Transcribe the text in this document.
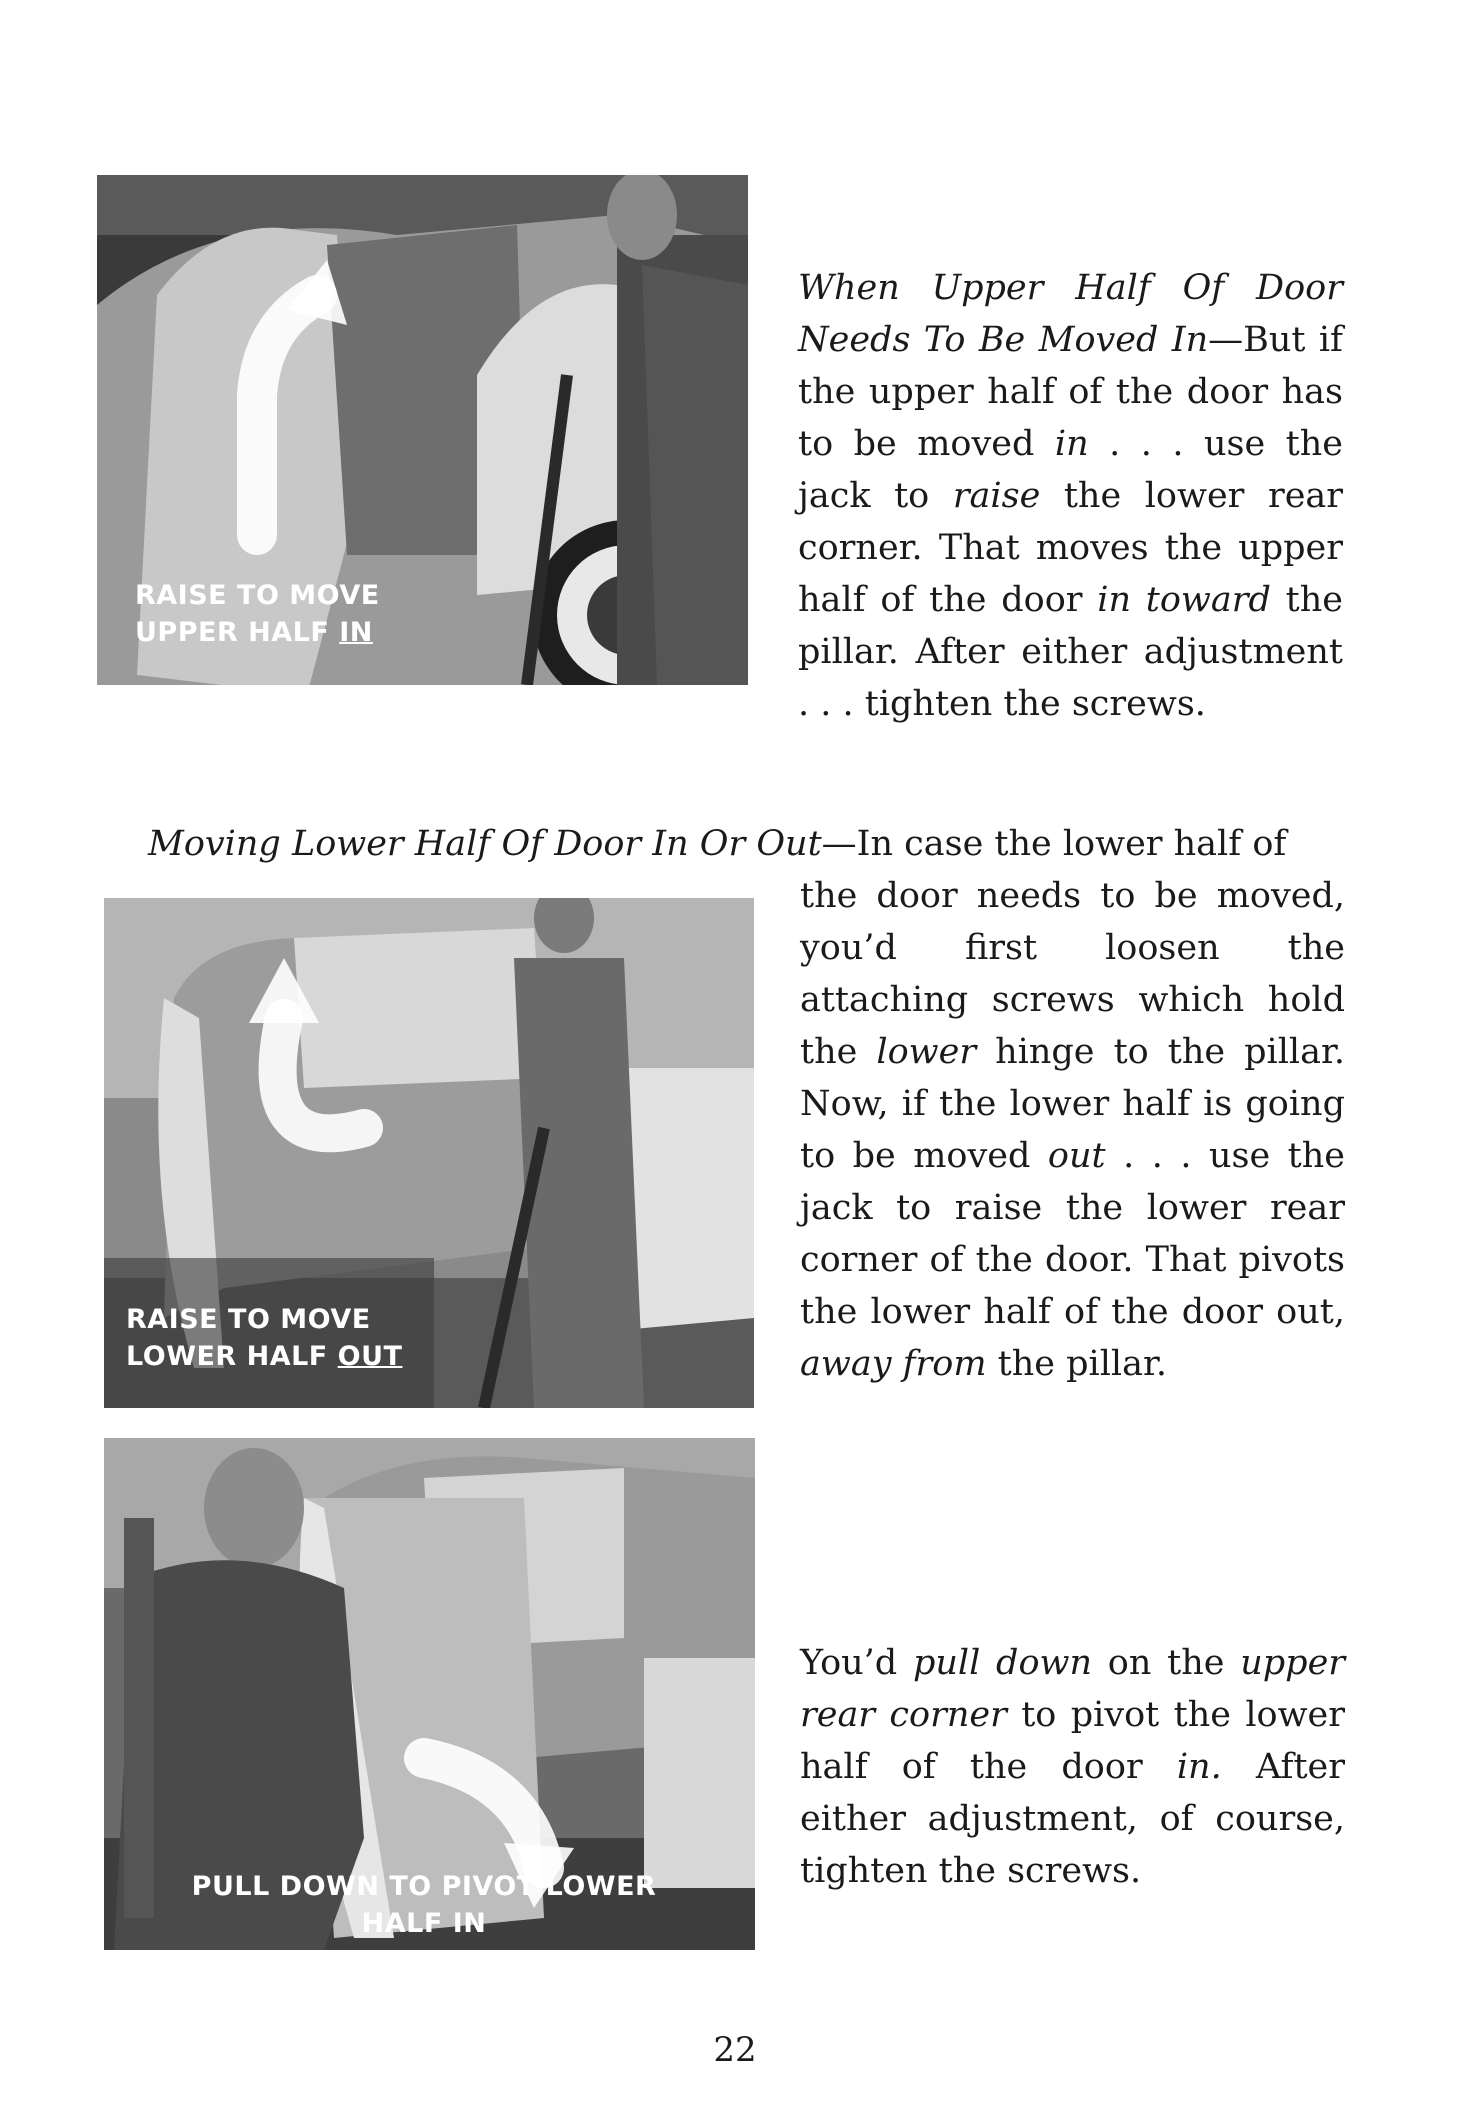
RAISE TO MOVE
UPPER HALF IN

When Upper Half Of Door Needs To Be Moved In—But if the upper half of the door has to be moved in . . . use the jack to raise the lower rear corner. That moves the upper half of the door in toward the pillar. After either adjustment . . . tighten the screws.

Moving Lower Half Of Door In Or Out—In case the lower half of

RAISE TO MOVE
LOWER HALF OUT

the door needs to be moved, you’d first loosen the attaching screws which hold the lower hinge to the pillar. Now, if the lower half is going to be moved out . . . use the jack to raise the lower rear corner of the door. That pivots the lower half of the door out, away from the pillar.

PULL DOWN TO PIVOT LOWER
HALF IN

You’d pull down on the upper rear corner to pivot the lower half of the door in. After either adjustment, of course, tighten the screws.

22
